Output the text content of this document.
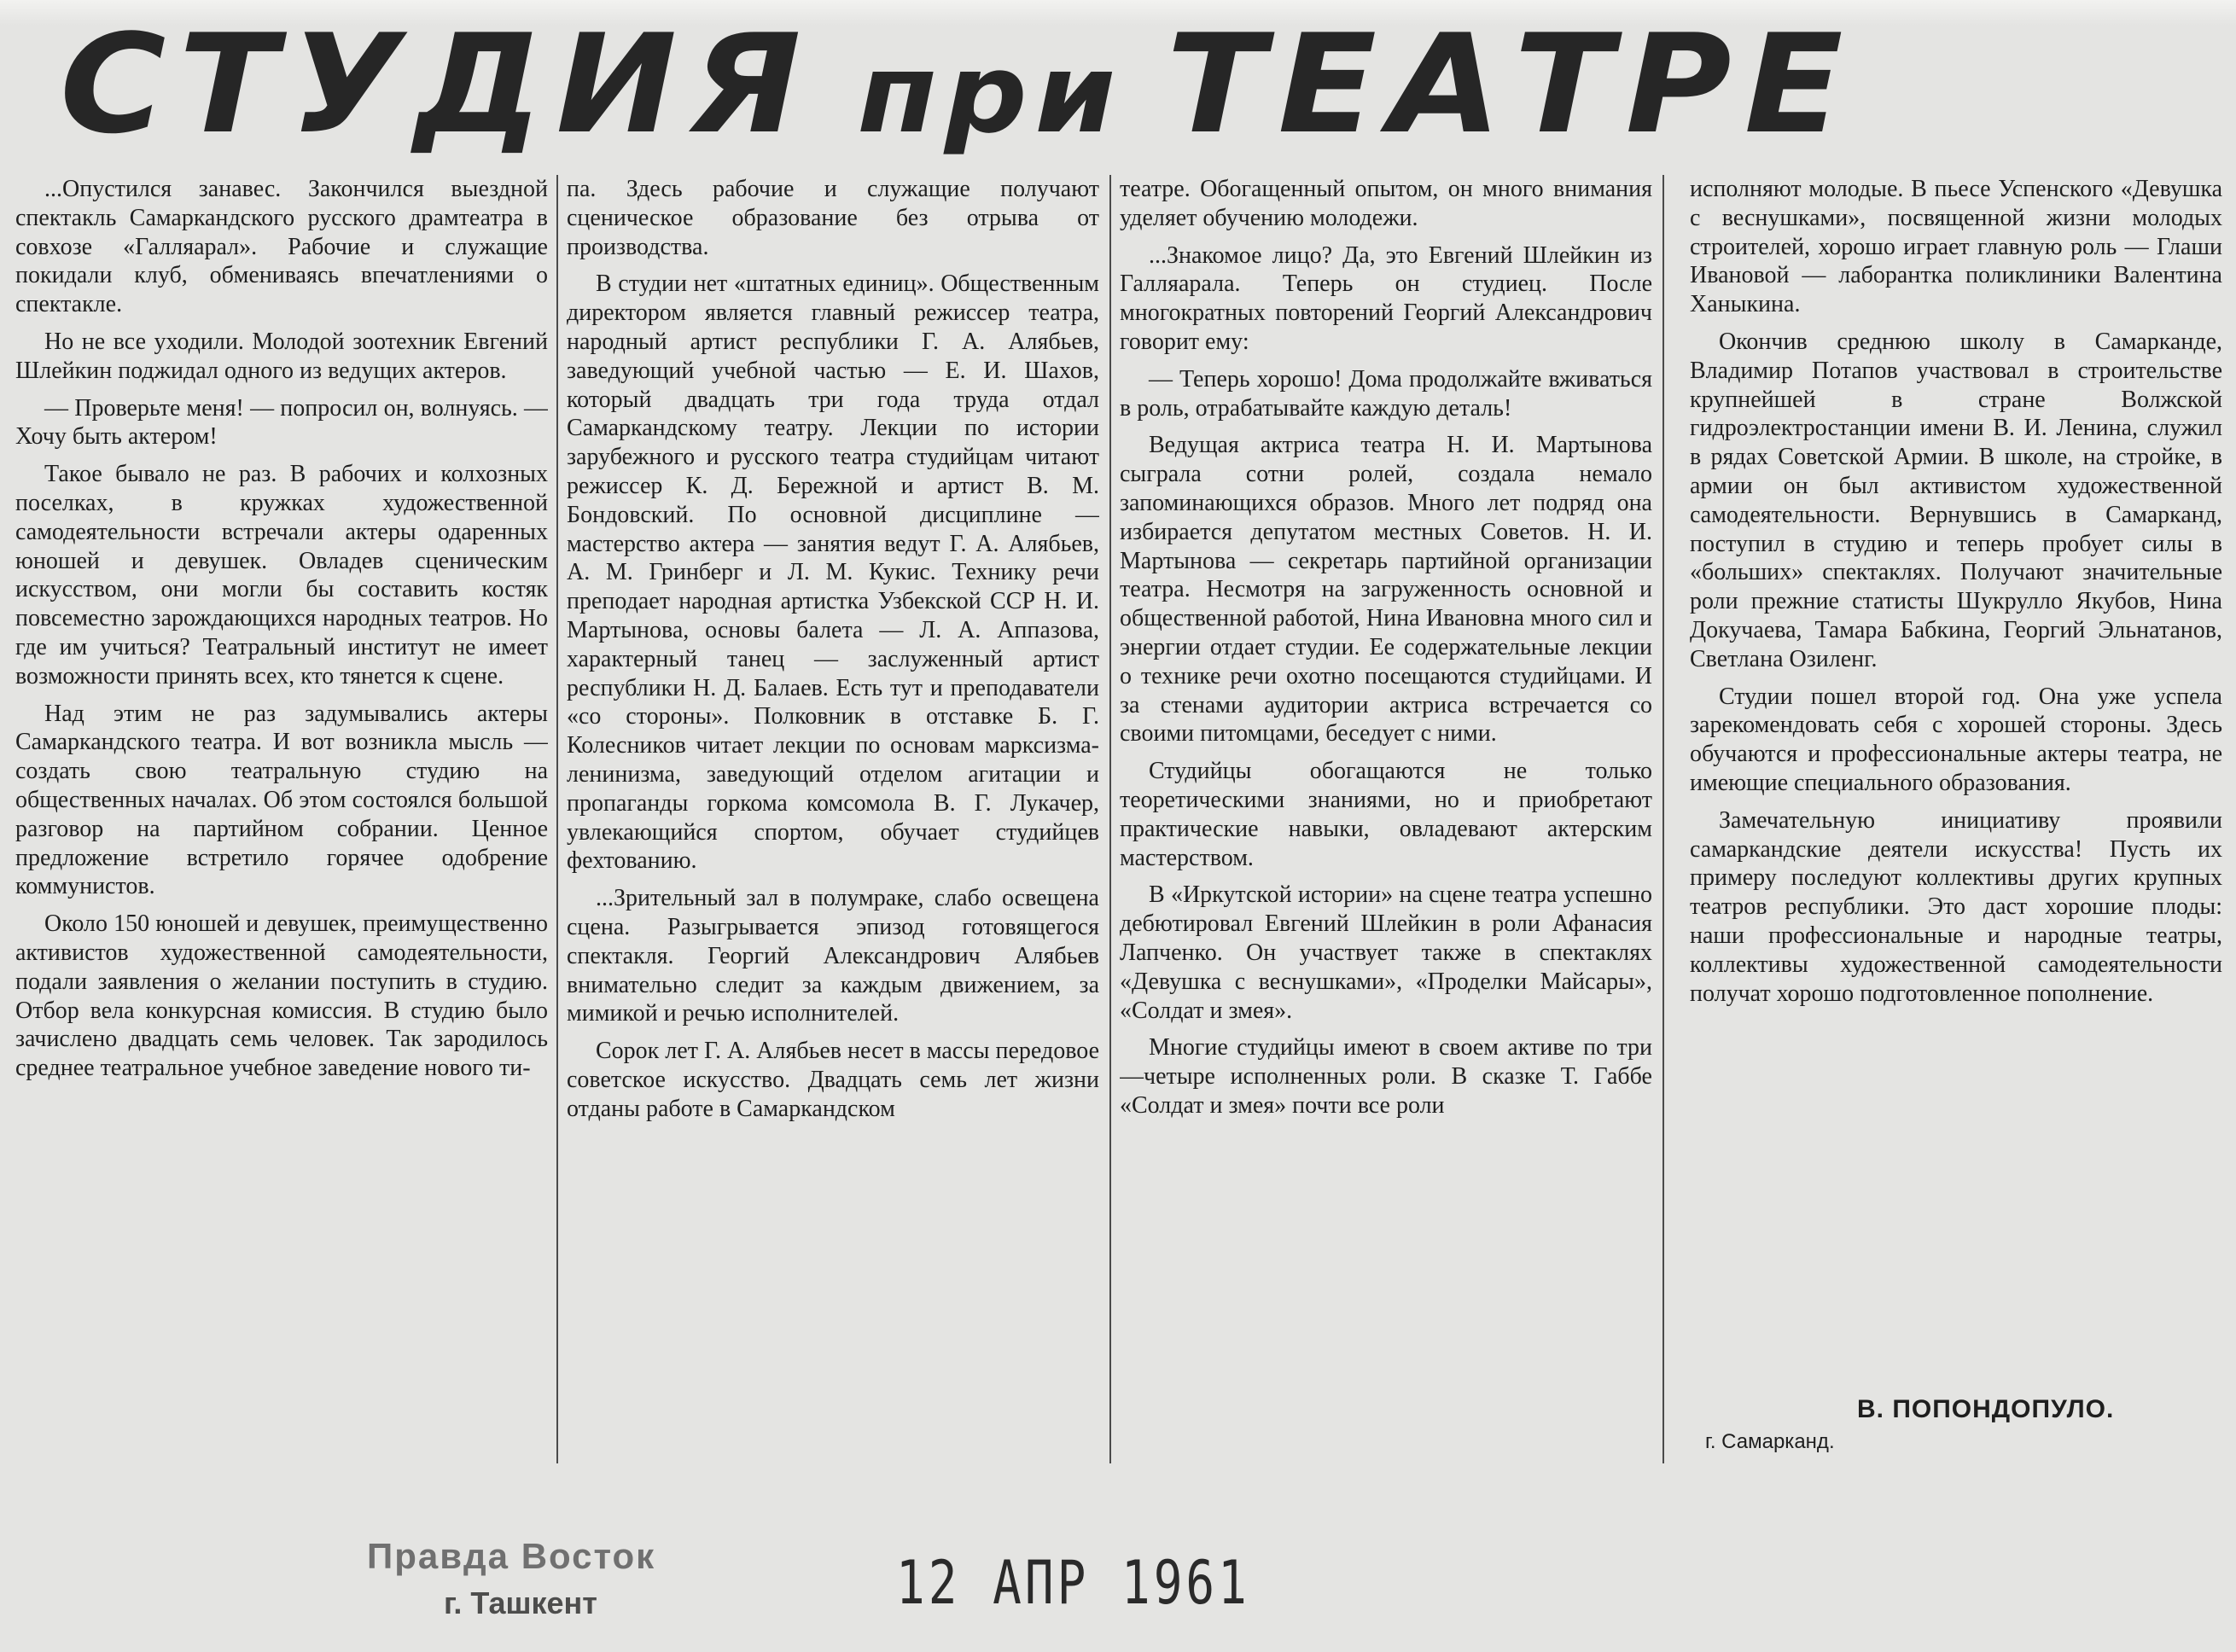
СТУДИЯ при ТЕАТРЕ

...Опустился занавес. Закончился выездной спектакль Самаркандского русского драмтеатра в совхозе «Галляарал». Рабочие и служащие покидали клуб, обмениваясь впечатлениями о спектакле.

Но не все уходили. Молодой зоотехник Евгений Шлейкин поджидал одного из ведущих актеров.

— Проверьте меня! — попросил он, волнуясь. — Хочу быть актером!

Такое бывало не раз. В рабочих и колхозных поселках, в кружках художественной самодеятельности встречали актеры одаренных юношей и девушек. Овладев сценическим искусством, они могли бы составить костяк повсеместно зарождающихся народных театров. Но где им учиться? Театральный институт не имеет возможности принять всех, кто тянется к сцене.

Над этим не раз задумывались актеры Самаркандского театра. И вот возникла мысль — создать свою театральную студию на общественных началах. Об этом состоялся большой разговор на партийном собрании. Ценное предложение встретило горячее одобрение коммунистов.

Около 150 юношей и девушек, преимущественно активистов художественной самодеятельности, подали заявления о желании поступить в студию. Отбор вела конкурсная комиссия. В студию было зачислено двадцать семь человек. Так зародилось среднее театральное учебное заведение нового ти-

па. Здесь рабочие и служащие получают сценическое образование без отрыва от производства.

В студии нет «штатных единиц». Общественным директором является главный режиссер театра, народный артист республики Г. А. Алябьев, заведующий учебной частью — Е. И. Шахов, который двадцать три года труда отдал Самаркандскому театру. Лекции по истории зарубежного и русского театра студийцам читают режиссер К. Д. Бережной и артист В. М. Бондовский. По основной дисциплине — мастерство актера — занятия ведут Г. А. Алябьев, А. М. Гринберг и Л. М. Кукис. Технику речи преподает народная артистка Узбекской ССР Н. И. Мартынова, основы балета — Л. А. Аппазова, характерный танец — заслуженный артист республики Н. Д. Балаев. Есть тут и преподаватели «со стороны». Полковник в отставке Б. Г. Колесников читает лекции по основам марксизма-ленинизма, заведующий отделом агитации и пропаганды горкома комсомола В. Г. Лукачер, увлекающийся спортом, обучает студийцев фехтованию.

...Зрительный зал в полумраке, слабо освещена сцена. Разыгрывается эпизод готовящегося спектакля. Георгий Александрович Алябьев внимательно следит за каждым движением, за мимикой и речью исполнителей.

Сорок лет Г. А. Алябьев несет в массы передовое советское искусство. Двадцать семь лет жизни отданы работе в Самаркандском

театре. Обогащенный опытом, он много внимания уделяет обучению молодежи.

...Знакомое лицо? Да, это Евгений Шлейкин из Галляарала. Теперь он студиец. После многократных повторений Георгий Александрович говорит ему:

— Теперь хорошо! Дома продолжайте вживаться в роль, отрабатывайте каждую деталь!

Ведущая актриса театра Н. И. Мартынова сыграла сотни ролей, создала немало запоминающихся образов. Много лет подряд она избирается депутатом местных Советов. Н. И. Мартынова — секретарь партийной организации театра. Несмотря на загруженность основной и общественной работой, Нина Ивановна много сил и энергии отдает студии. Ее содержательные лекции о технике речи охотно посещаются студийцами. И за стенами аудитории актриса встречается со своими питомцами, беседует с ними.

Студийцы обогащаются не только теоретическими знаниями, но и приобретают практические навыки, овладевают актерским мастерством.

В «Иркутской истории» на сцене театра успешно дебютировал Евгений Шлейкин в роли Афанасия Лапченко. Он участвует также в спектаклях «Девушка с веснушками», «Проделки Майсары», «Солдат и змея».

Многие студийцы имеют в своем активе по три—четыре исполненных роли. В сказке Т. Габбе «Солдат и змея» почти все роли

исполняют молодые. В пьесе Успенского «Девушка с веснушками», посвященной жизни молодых строителей, хорошо играет главную роль — Глаши Ивановой — лаборантка поликлиники Валентина Ханыкина.

Окончив среднюю школу в Самарканде, Владимир Потапов участвовал в строительстве крупнейшей в стране Волжской гидроэлектростанции имени В. И. Ленина, служил в рядах Советской Армии. В школе, на стройке, в армии он был активистом художественной самодеятельности. Вернувшись в Самарканд, поступил в студию и теперь пробует силы в «больших» спектаклях. Получают значительные роли прежние статисты Шукрулло Якубов, Нина Докучаева, Тамара Бабкина, Георгий Эльнатанов, Светлана Озиленг.

Студии пошел второй год. Она уже успела зарекомендовать себя с хорошей стороны. Здесь обучаются и профессиональные актеры театра, не имеющие специального образования.

Замечательную инициативу проявили самаркандские деятели искусства! Пусть их примеру последуют коллективы других крупных театров республики. Это даст хорошие плоды: наши профессиональные и народные театры, коллективы художественной самодеятельности получат хорошо подготовленное пополнение.

В. ПОПОНДОПУЛО.
г. Самарканд.
Правда Восток
г. Ташкент	12 АПР 1961
